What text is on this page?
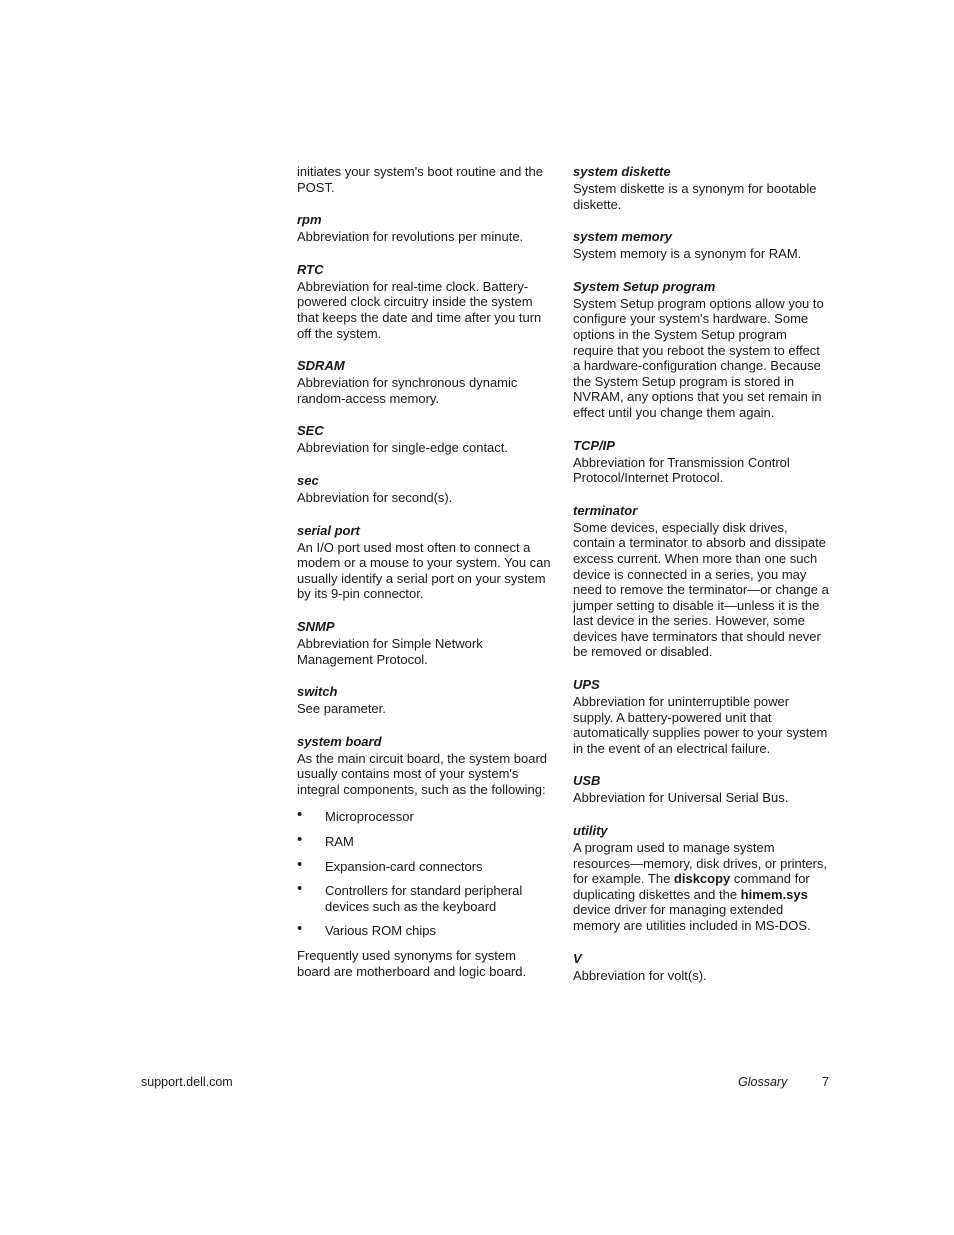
initiates your system's boot routine and the POST.
rpm
Abbreviation for revolutions per minute.
RTC
Abbreviation for real-time clock. Battery-powered clock circuitry inside the system that keeps the date and time after you turn off the system.
SDRAM
Abbreviation for synchronous dynamic random-access memory.
SEC
Abbreviation for single-edge contact.
sec
Abbreviation for second(s).
serial port
An I/O port used most often to connect a modem or a mouse to your system. You can usually identify a serial port on your system by its 9-pin connector.
SNMP
Abbreviation for Simple Network Management Protocol.
switch
See parameter.
system board
As the main circuit board, the system board usually contains most of your system's integral components, such as the following:
• Microprocessor
• RAM
• Expansion-card connectors
• Controllers for standard peripheral devices such as the keyboard
• Various ROM chips
Frequently used synonyms for system board are motherboard and logic board.
system diskette
System diskette is a synonym for bootable diskette.
system memory
System memory is a synonym for RAM.
System Setup program
System Setup program options allow you to configure your system's hardware. Some options in the System Setup program require that you reboot the system to effect a hardware-configuration change. Because the System Setup program is stored in NVRAM, any options that you set remain in effect until you change them again.
TCP/IP
Abbreviation for Transmission Control Protocol/Internet Protocol.
terminator
Some devices, especially disk drives, contain a terminator to absorb and dissipate excess current. When more than one such device is connected in a series, you may need to remove the terminator—or change a jumper setting to disable it—unless it is the last device in the series. However, some devices have terminators that should never be removed or disabled.
UPS
Abbreviation for uninterruptible power supply. A battery-powered unit that automatically supplies power to your system in the event of an electrical failure.
USB
Abbreviation for Universal Serial Bus.
utility
A program used to manage system resources—memory, disk drives, or printers, for example. The diskcopy command for duplicating diskettes and the himem.sys device driver for managing extended memory are utilities included in MS-DOS.
V
Abbreviation for volt(s).
support.dell.com	Glossary	7
